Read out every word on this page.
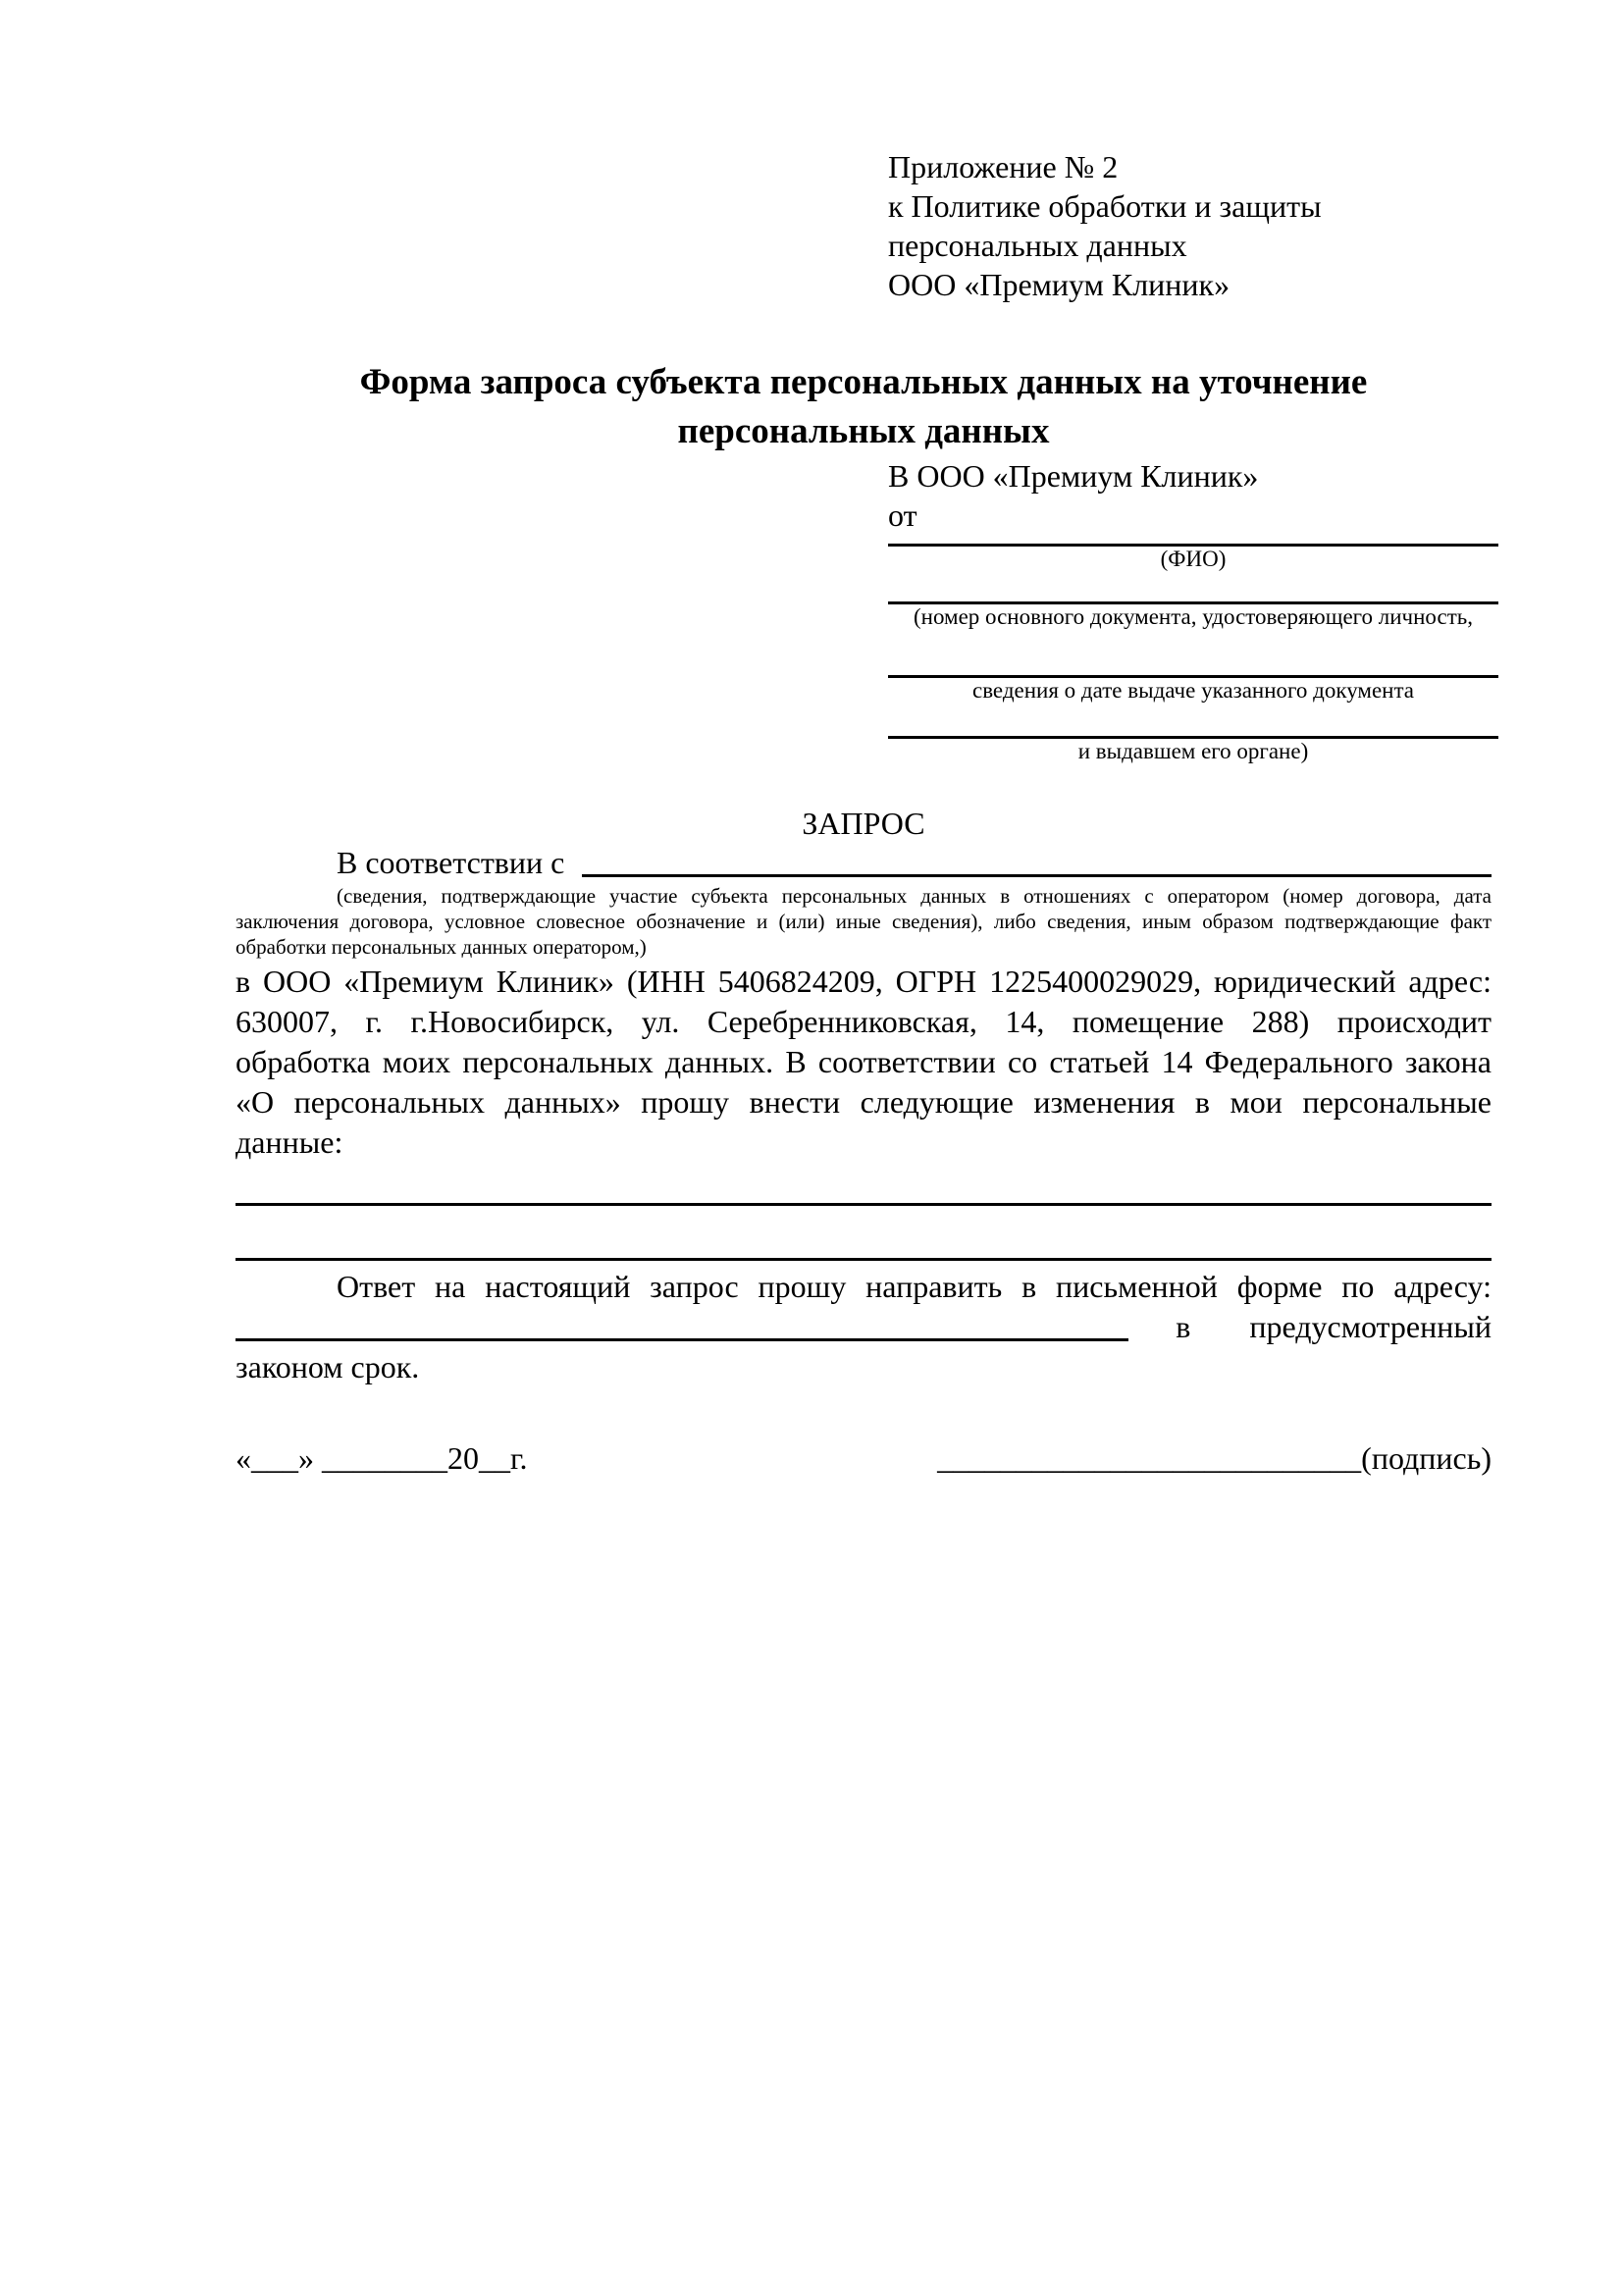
Приложение № 2
к Политике обработки и защиты
персональных данных
ООО «Премиум Клиник»
Форма запроса субъекта персональных данных на уточнение
персональных данных
В ООО «Премиум Клиник»
от
(ФИО)
(номер основного документа, удостоверяющего личность,
сведения о дате выдаче указанного документа
и выдавшем его органе)
ЗАПРОС
В соответствии с
(сведения, подтверждающие участие субъекта персональных данных в отношениях с оператором (номер договора, дата
заключения договора, условное словесное обозначение и (или) иные сведения), либо сведения, иным образом подтверждающие факт
обработки персональных данных оператором,)
в ООО «Премиум Клиник» (ИНН 5406824209, ОГРН 1225400029029, юридический адрес:
630007, г. г.Новосибирск, ул. Серебренниковская, 14, помещение 288) происходит
обработка моих персональных данных. В соответствии со статьей 14 Федерального закона
«О персональных данных» прошу внести следующие изменения в мои персональные
данные:
Ответ на настоящий запрос прошу направить в письменной форме по адресу:
в предусмотренный
законом срок.
«___» ________20__г.	___________________________(подпись)
